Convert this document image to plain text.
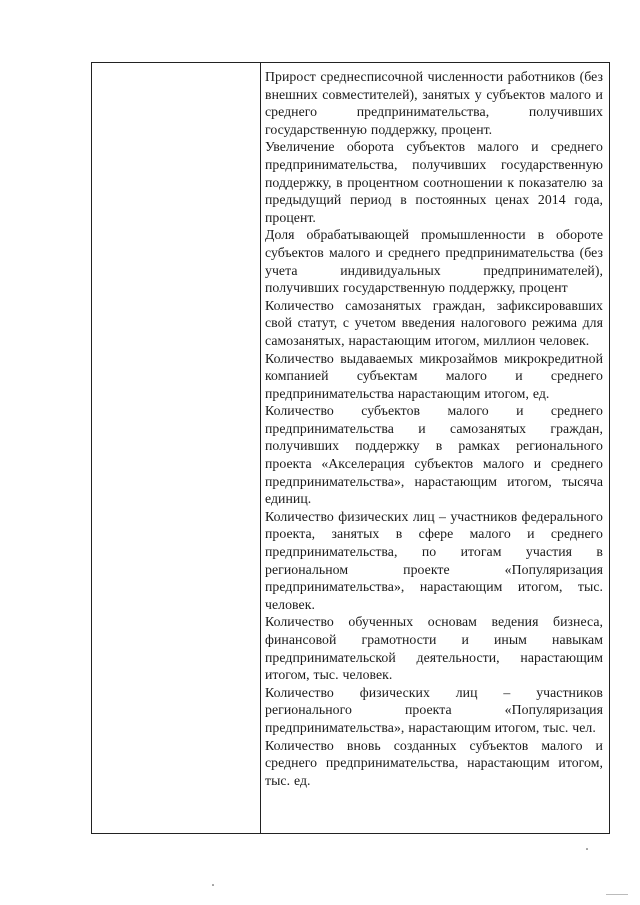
Прирост среднесписочной численности работников (без внешних совместителей), занятых у субъектов малого и среднего предпринимательства, получивших государственную поддержку, процент.
Увеличение оборота субъектов малого и среднего предпринимательства, получивших государственную поддержку, в процентном соотношении к показателю за предыдущий период в постоянных ценах 2014 года, процент.
Доля обрабатывающей промышленности в обороте субъектов малого и среднего предпринимательства (без учета индивидуальных предпринимателей), получивших государственную поддержку, процент
Количество самозанятых граждан, зафиксировавших свой статут, с учетом введения налогового режима для самозанятых, нарастающим итогом, миллион человек.
Количество выдаваемых микрозаймов микрокредитной компанией субъектам малого и среднего предпринимательства нарастающим итогом, ед.
Количество субъектов малого и среднего предпринимательства и самозанятых граждан, получивших поддержку в рамках регионального проекта «Акселерация субъектов малого и среднего предпринимательства», нарастающим итогом, тысяча единиц.
Количество физических лиц – участников федерального проекта, занятых в сфере малого и среднего предпринимательства, по итогам участия в региональном проекте «Популяризация предпринимательства», нарастающим итогом, тыс. человек.
Количество обученных основам ведения бизнеса, финансовой грамотности и иным навыкам предпринимательской деятельности, нарастающим итогом, тыс. человек.
Количество физических лиц – участников регионального проекта «Популяризация предпринимательства», нарастающим итогом, тыс. чел.
Количество вновь созданных субъектов малого и среднего предпринимательства, нарастающим итогом, тыс. ед.
